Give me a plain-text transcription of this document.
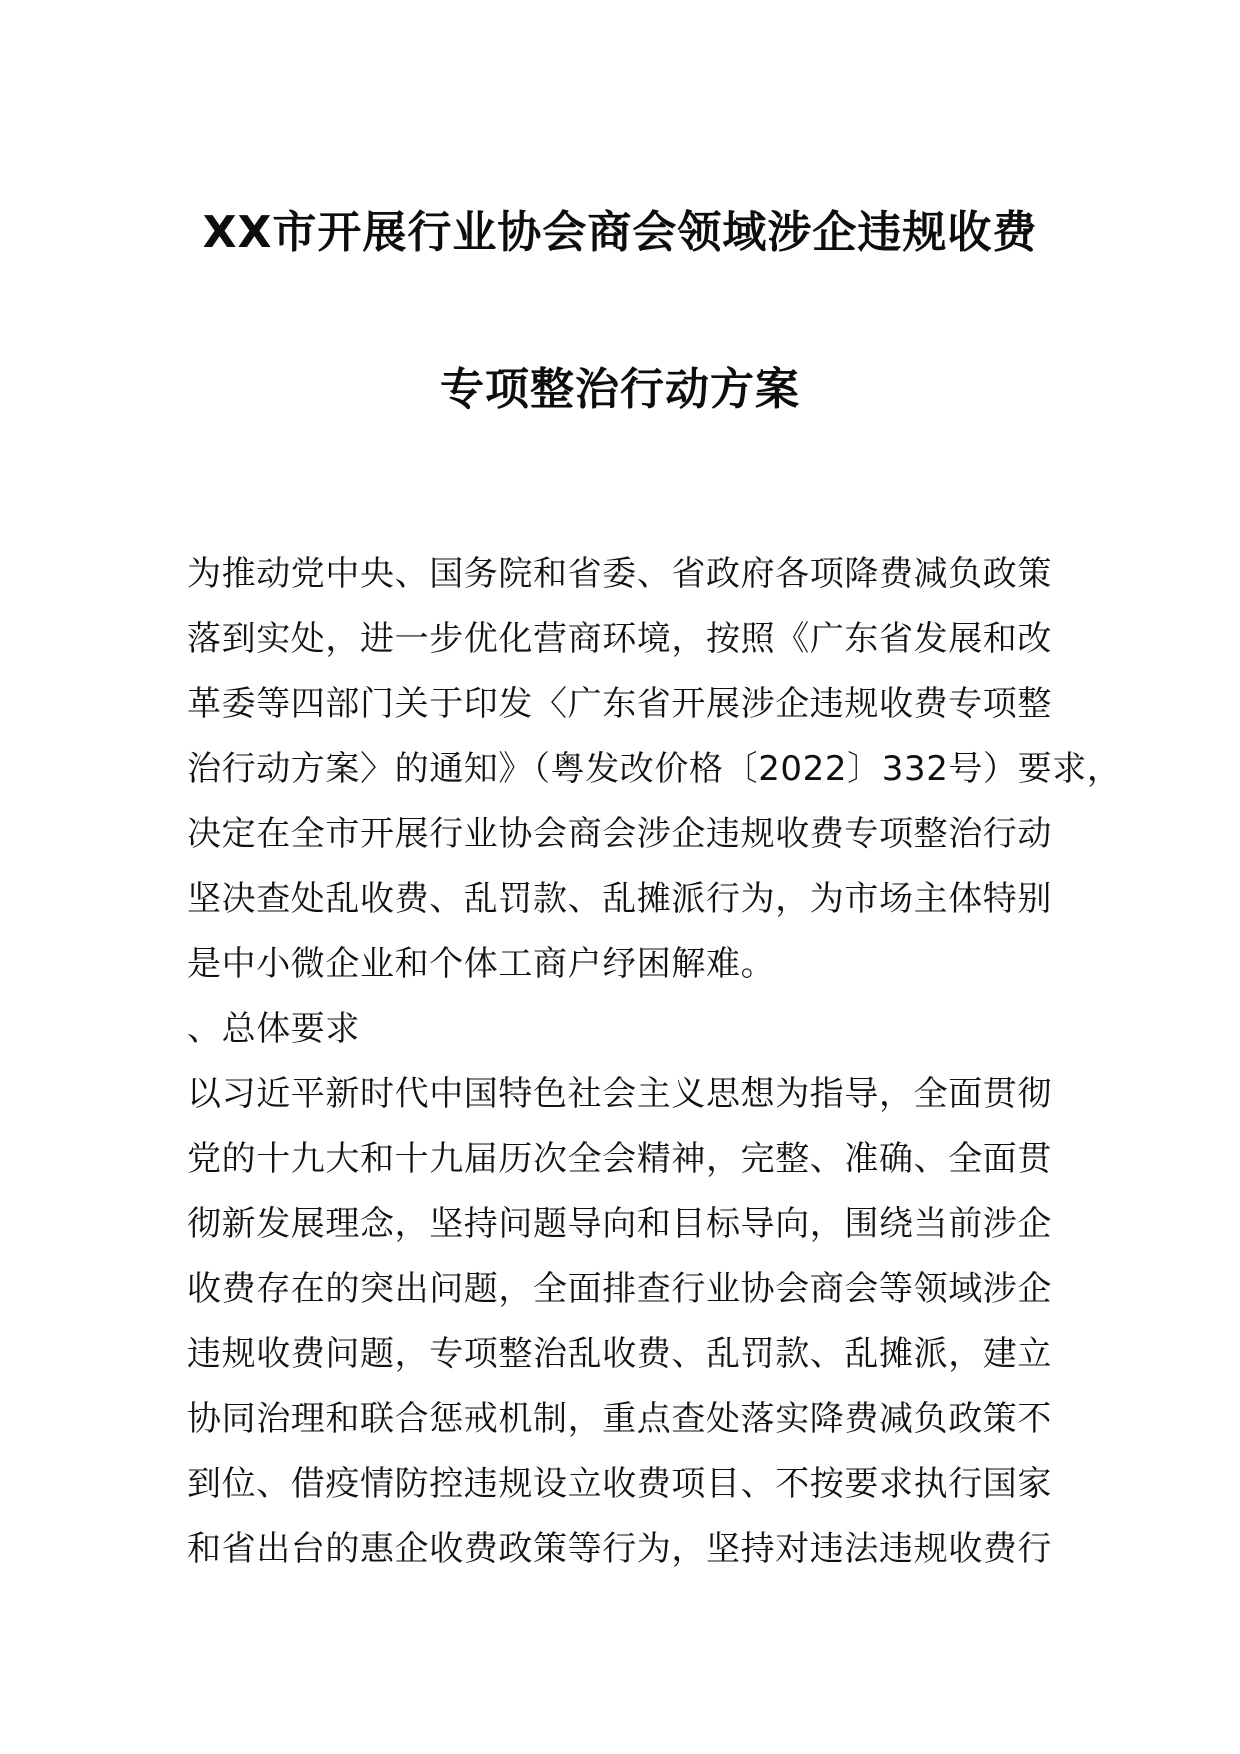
XX市开展行业协会商会领域涉企违规收费
专项整治行动方案
为推动党中央、国务院和省委、省政府各项降费减负政策
落到实处，进一步优化营商环境，按照《广东省发展和改
革委等四部门关于印发〈广东省开展涉企违规收费专项整
治行动方案〉的通知》（粤发改价格〔2022〕332号）要求，
决定在全市开展行业协会商会涉企违规收费专项整治行动
坚决查处乱收费、乱罚款、乱摊派行为，为市场主体特别
是中小微企业和个体工商户纾困解难。
、总体要求
以习近平新时代中国特色社会主义思想为指导，全面贯彻
党的十九大和十九届历次全会精神，完整、准确、全面贯
彻新发展理念，坚持问题导向和目标导向，围绕当前涉企
收费存在的突出问题，全面排查行业协会商会等领域涉企
违规收费问题，专项整治乱收费、乱罚款、乱摊派，建立
协同治理和联合惩戒机制，重点查处落实降费减负政策不
到位、借疫情防控违规设立收费项目、不按要求执行国家
和省出台的惠企收费政策等行为，坚持对违法违规收费行
